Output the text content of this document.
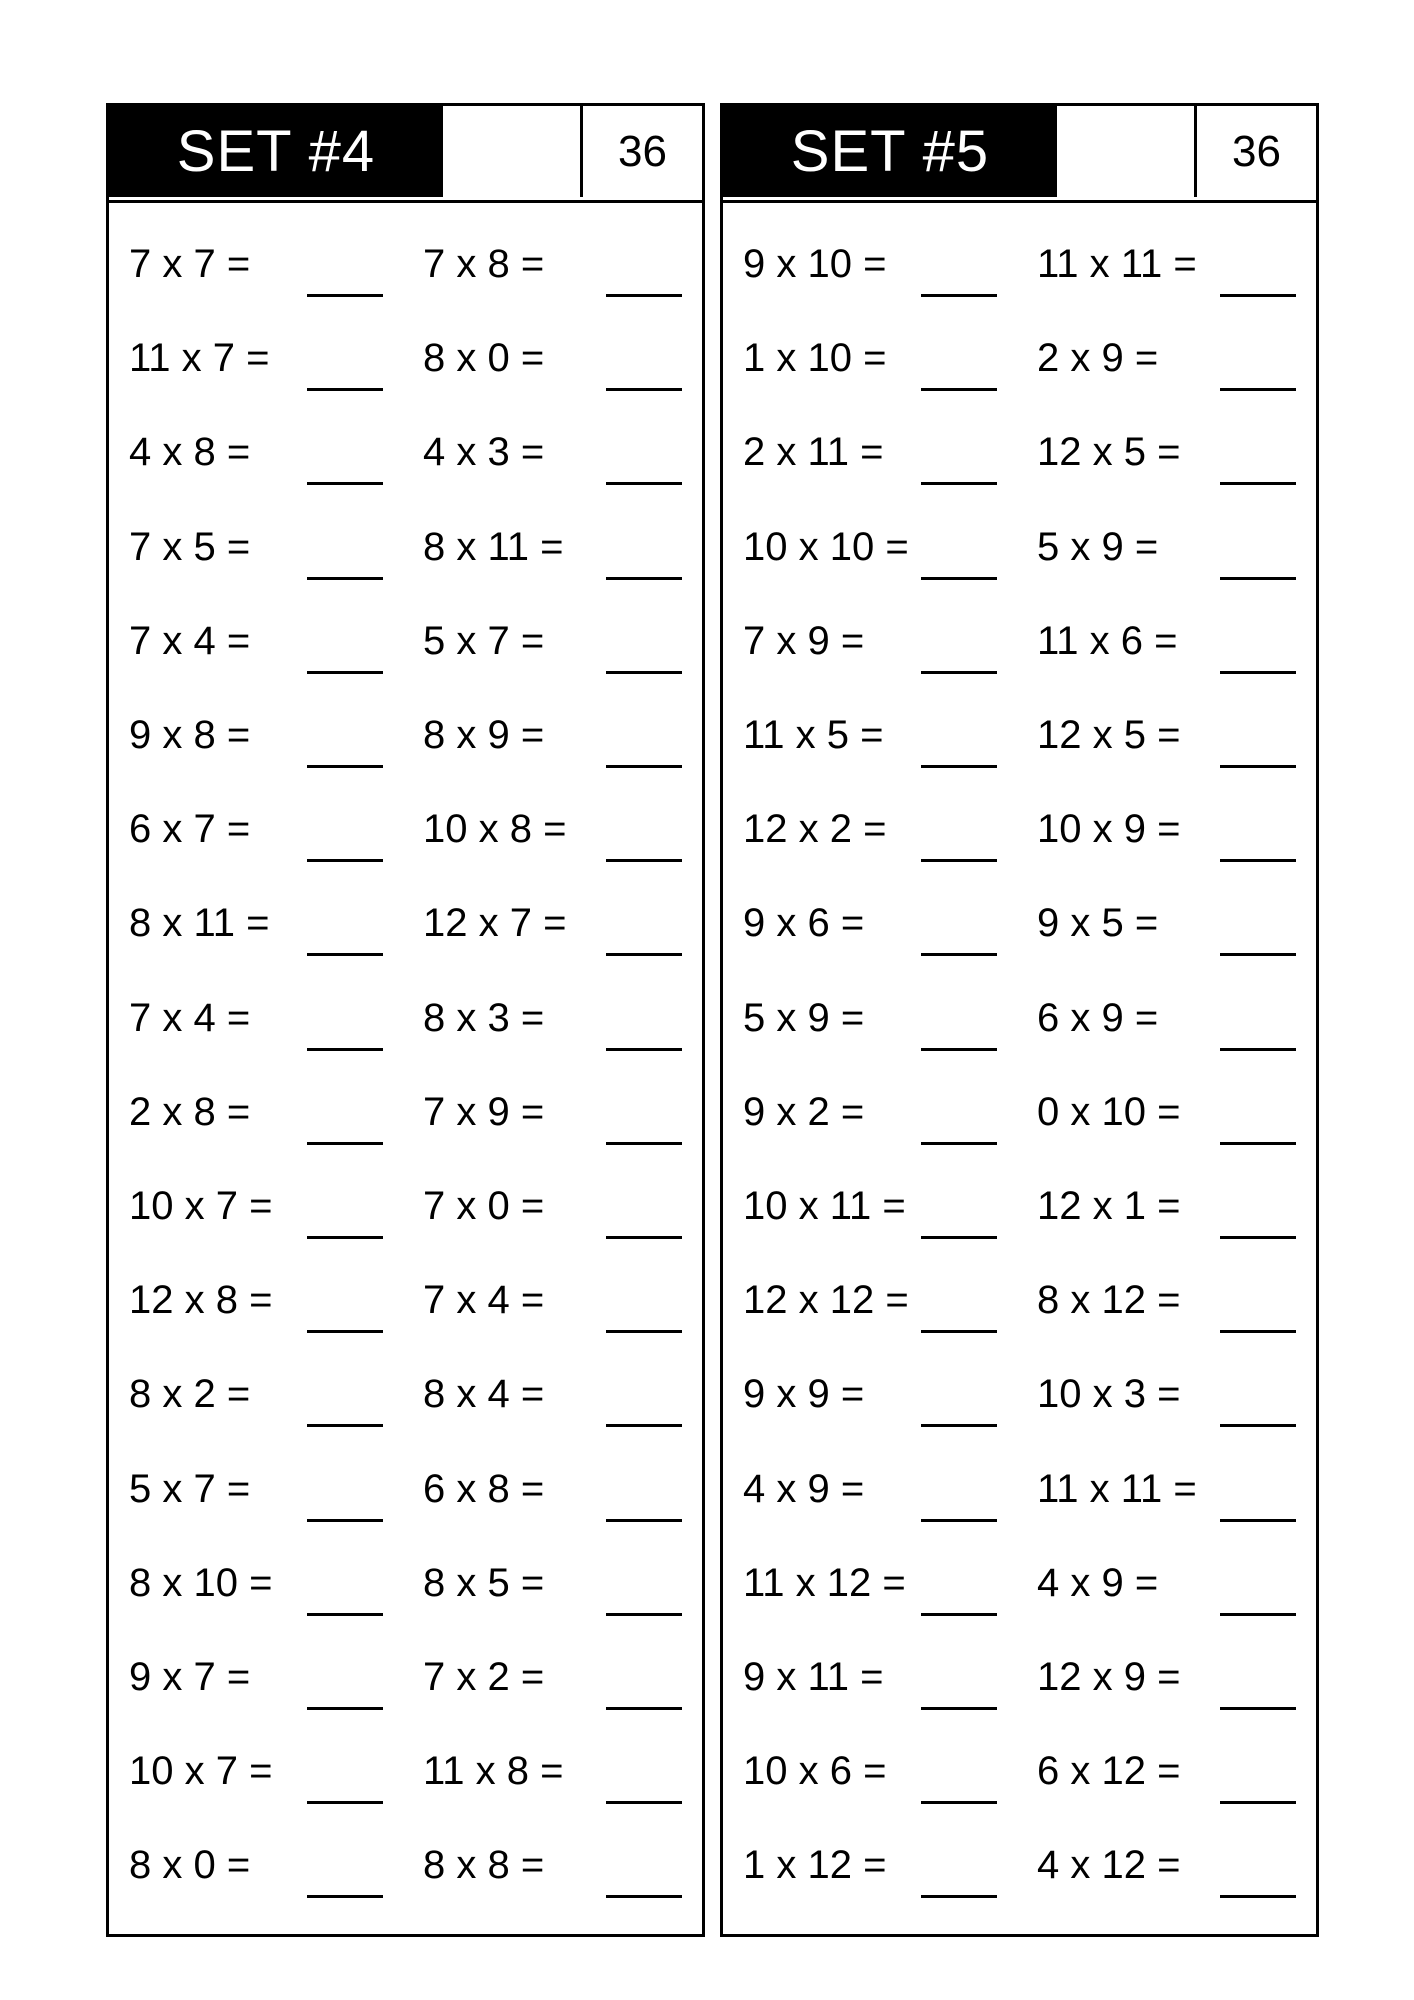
SET #4	36
7 x 7 =	7 x 8 =
11 x 7 =	8 x 0 =
4 x 8 =	4 x 3 =
7 x 5 =	8 x 11 =
7 x 4 =	5 x 7 =
9 x 8 =	8 x 9 =
6 x 7 =	10 x 8 =
8 x 11 =	12 x 7 =
7 x 4 =	8 x 3 =
2 x 8 =	7 x 9 =
10 x 7 =	7 x 0 =
12 x 8 =	7 x 4 =
8 x 2 =	8 x 4 =
5 x 7 =	6 x 8 =
8 x 10 =	8 x 5 =
9 x 7 =	7 x 2 =
10 x 7 =	11 x 8 =
8 x 0 =	8 x 8 =
SET #5	36
9 x 10 =	11 x 11 =
1 x 10 =	2 x 9 =
2 x 11 =	12 x 5 =
10 x 10 =	5 x 9 =
7 x 9 =	11 x 6 =
11 x 5 =	12 x 5 =
12 x 2 =	10 x 9 =
9 x 6 =	9 x 5 =
5 x 9 =	6 x 9 =
9 x 2 =	0 x 10 =
10 x 11 =	12 x 1 =
12 x 12 =	8 x 12 =
9 x 9 =	10 x 3 =
4 x 9 =	11 x 11 =
11 x 12 =	4 x 9 =
9 x 11 =	12 x 9 =
10 x 6 =	6 x 12 =
1 x 12 =	4 x 12 =
